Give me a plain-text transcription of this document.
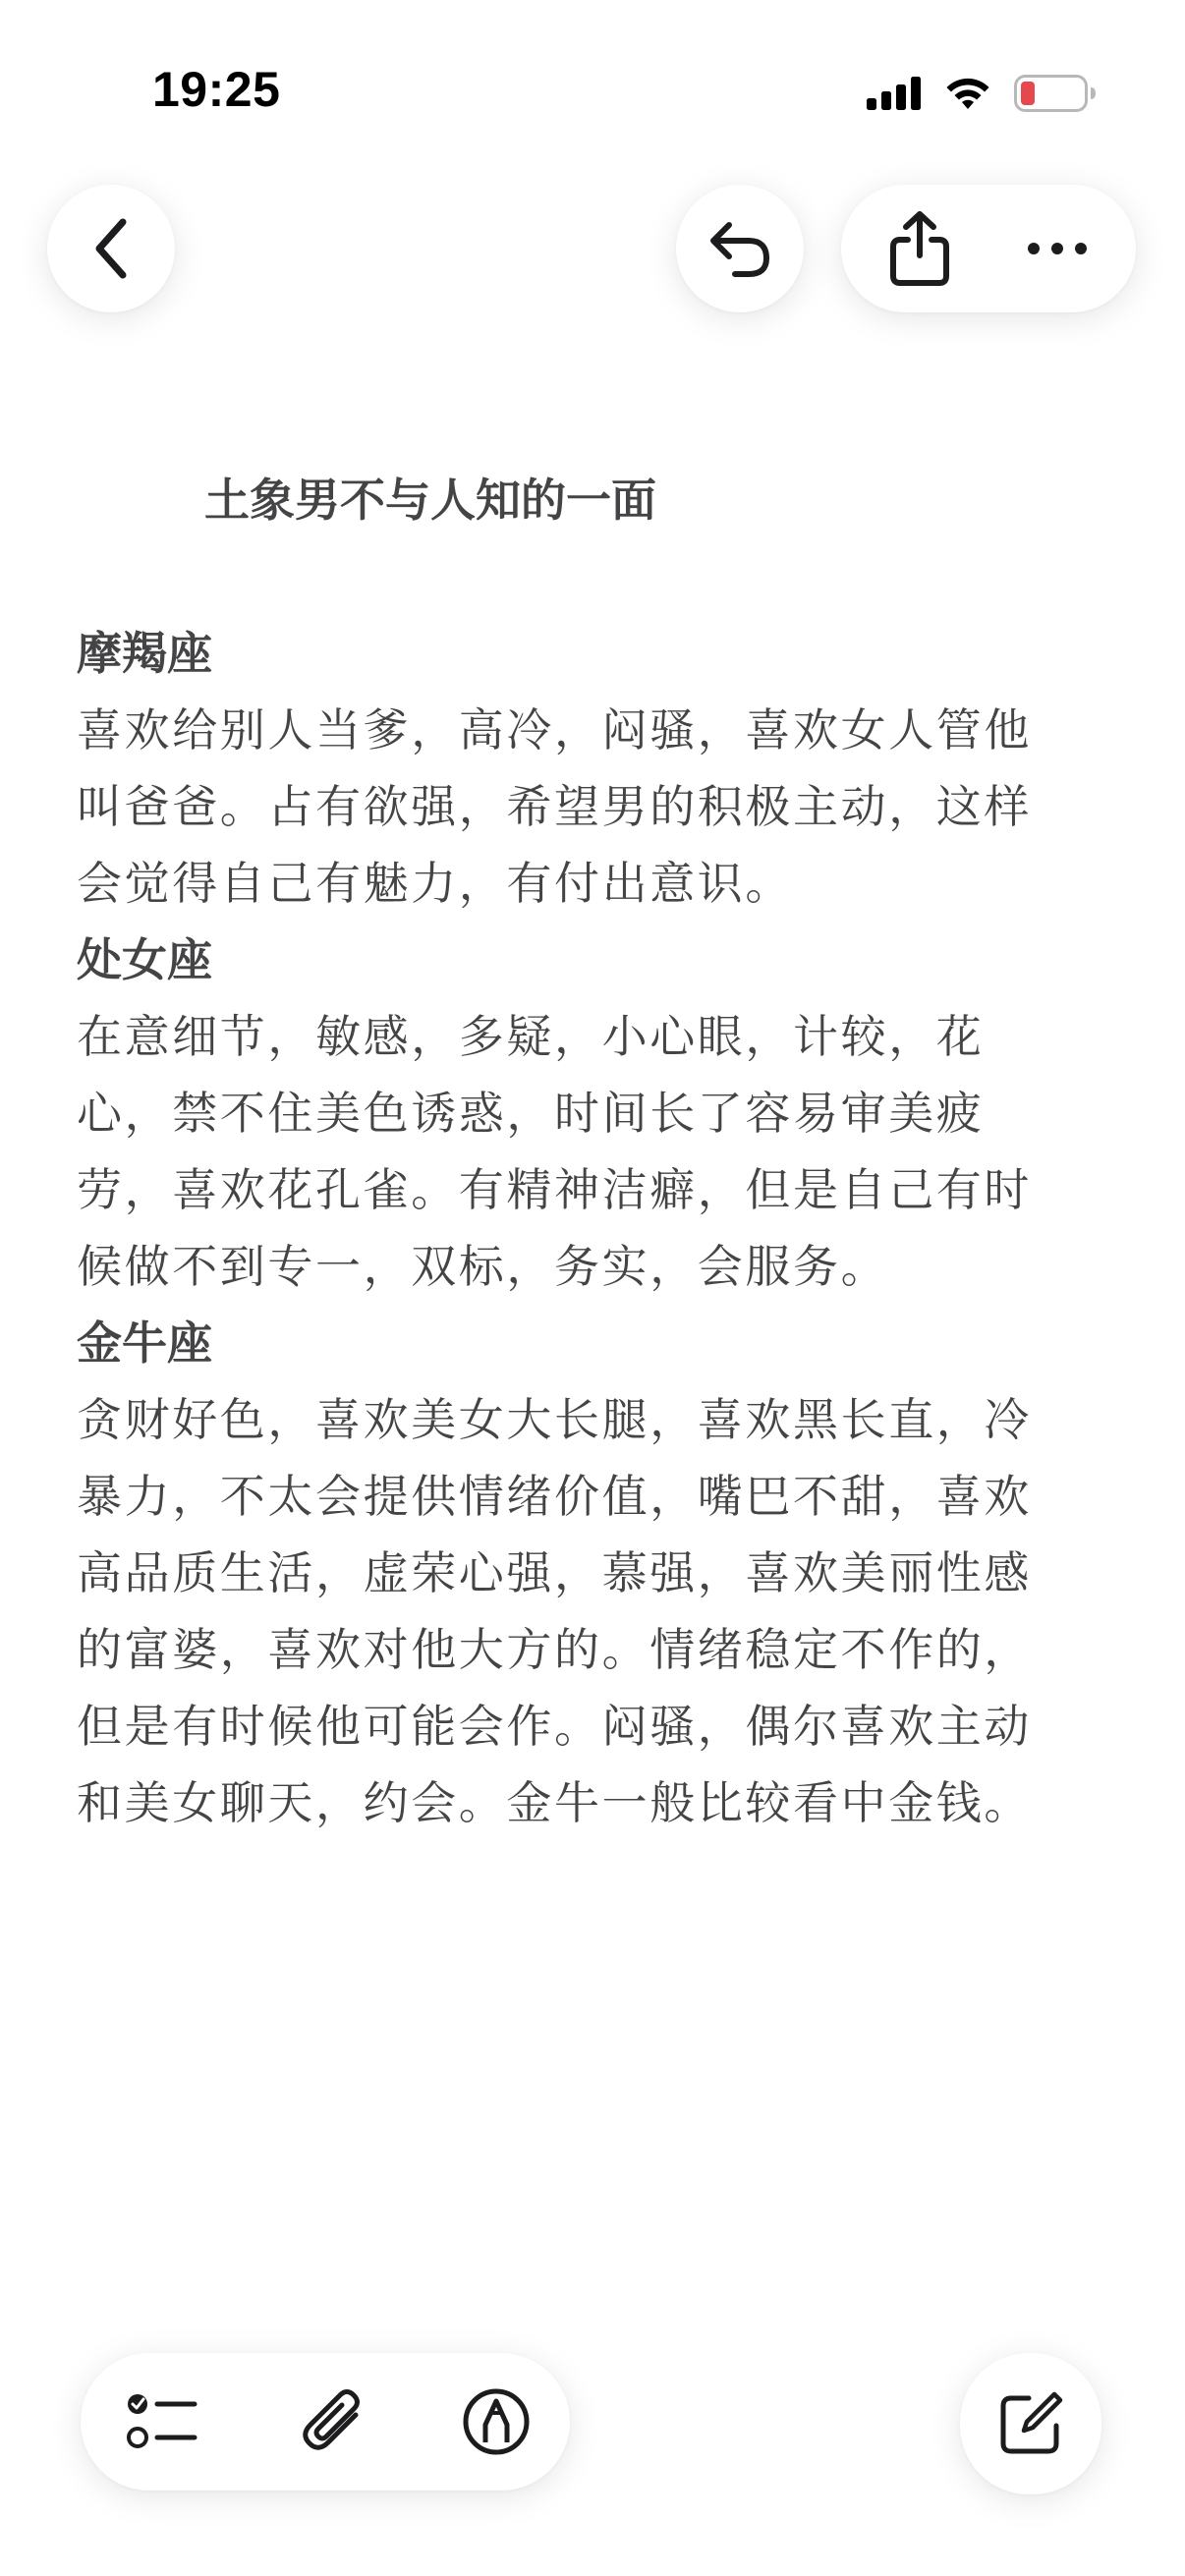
19:25
土象男不与人知的一面
摩羯座
喜欢给别人当爹，高冷，闷骚，喜欢女人管他
叫爸爸。占有欲强，希望男的积极主动，这样
会觉得自己有魅力，有付出意识。
处女座
在意细节，敏感，多疑，小心眼，计较，花
心，禁不住美色诱惑，时间长了容易审美疲
劳，喜欢花孔雀。有精神洁癖，但是自己有时
候做不到专一，双标，务实，会服务。
金牛座
贪财好色，喜欢美女大长腿，喜欢黑长直，冷
暴力，不太会提供情绪价值，嘴巴不甜，喜欢
高品质生活，虚荣心强，慕强，喜欢美丽性感
的富婆，喜欢对他大方的。情绪稳定不作的，
但是有时候他可能会作。闷骚，偶尔喜欢主动
和美女聊天，约会。金牛一般比较看中金钱。
